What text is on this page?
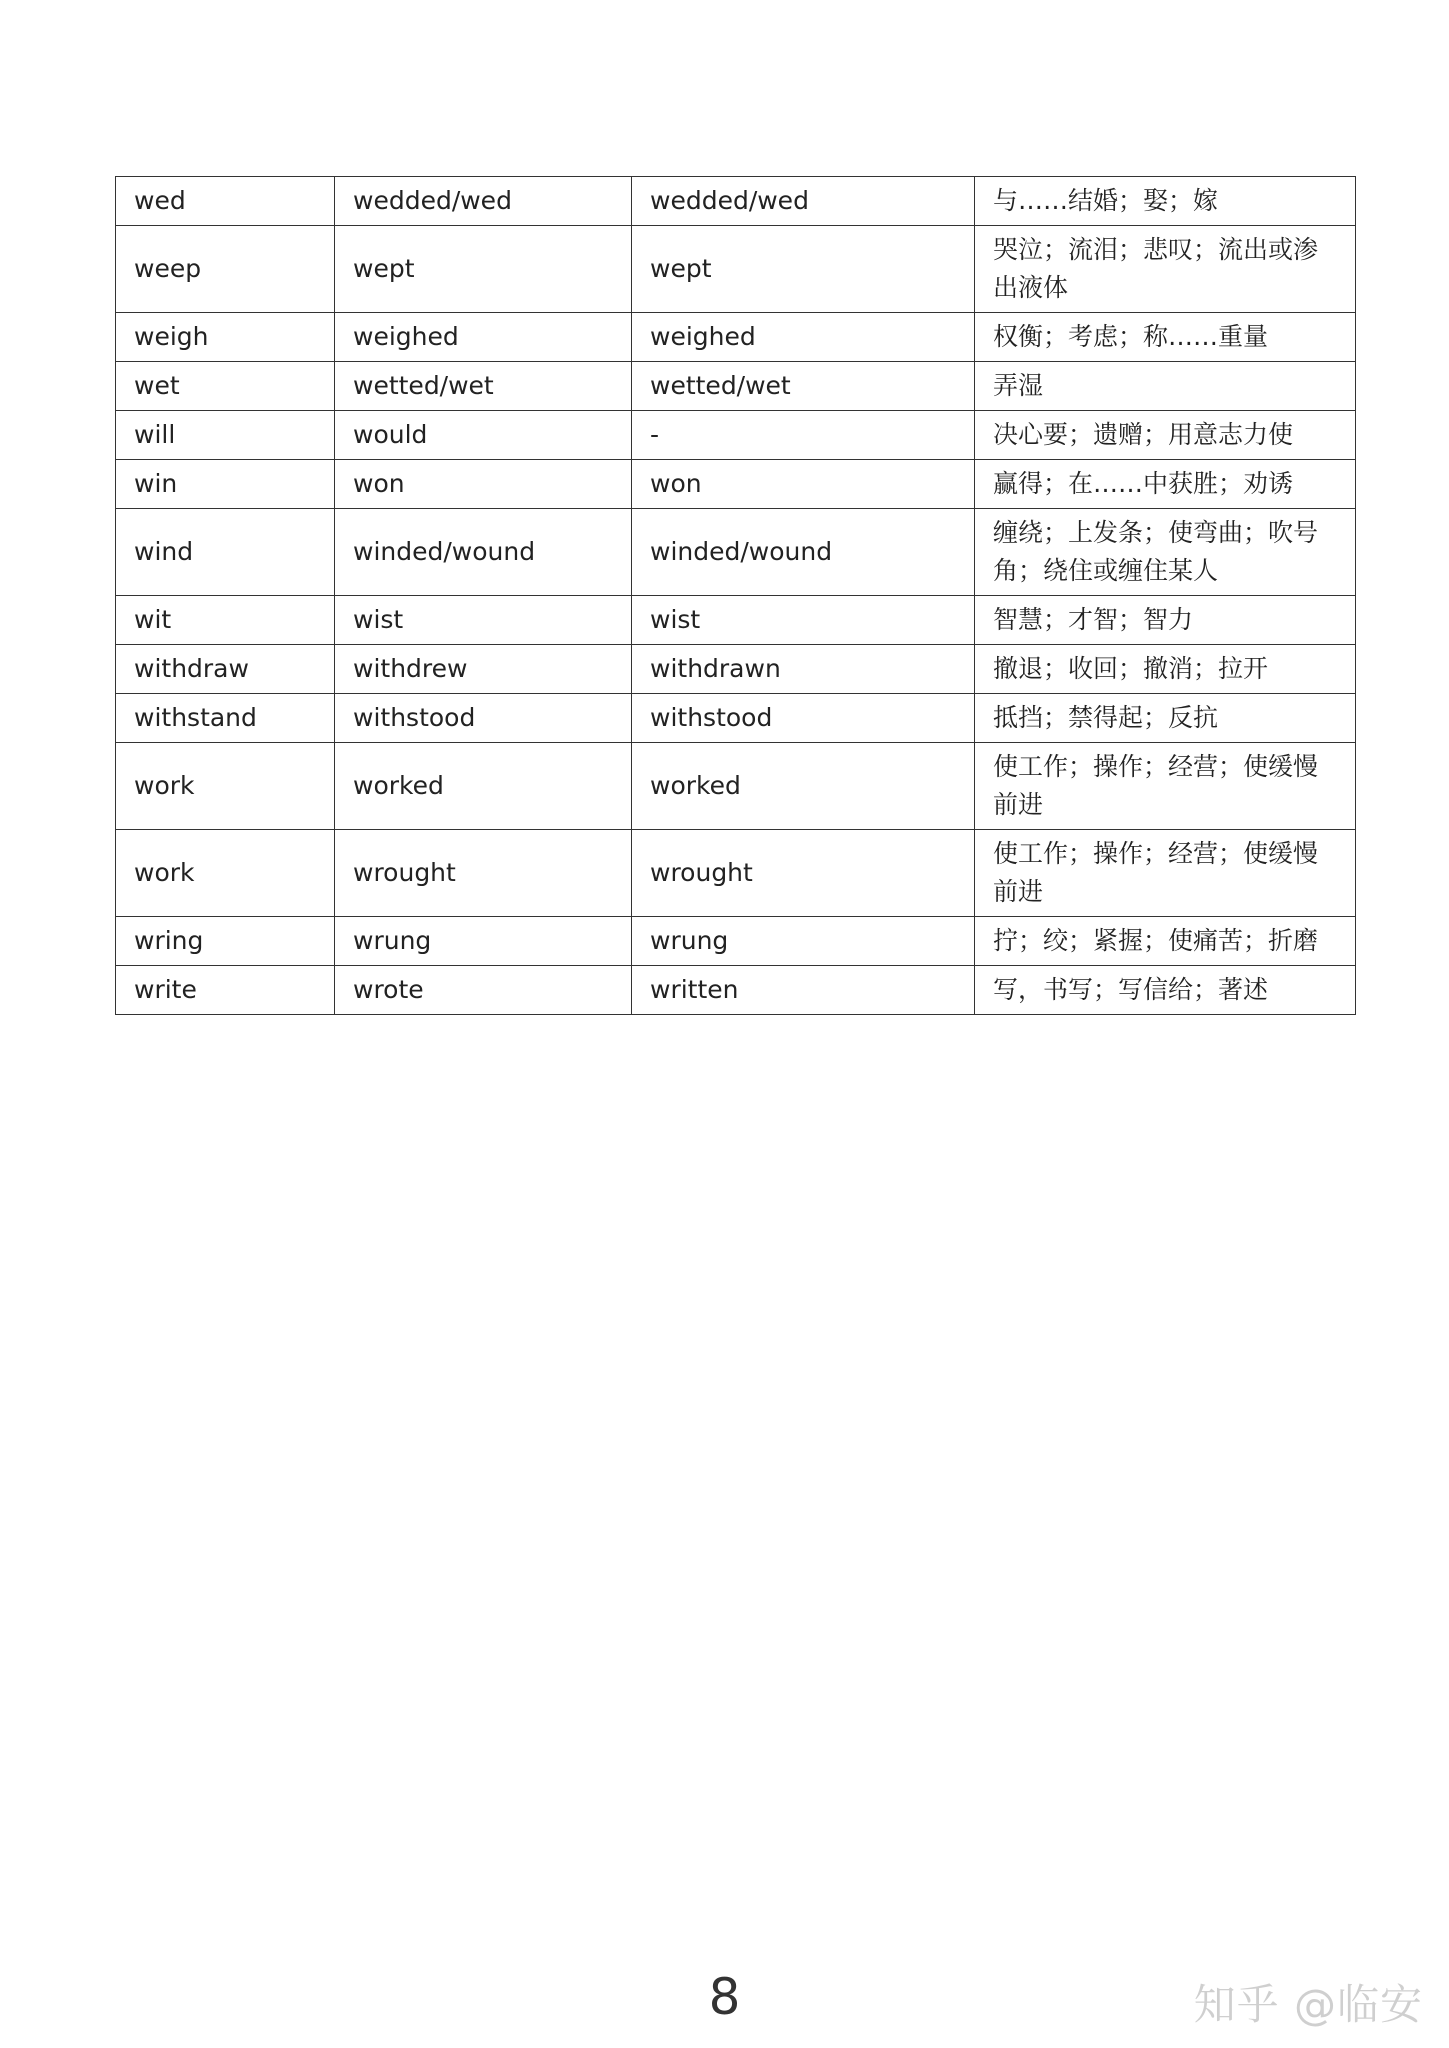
wed	wedded/wed	wedded/wed	与……结婚；娶；嫁
weep	wept	wept	哭泣；流泪；悲叹；流出或渗出液体
weigh	weighed	weighed	权衡；考虑；称……重量
wet	wetted/wet	wetted/wet	弄湿
will	would	-	决心要；遗赠；用意志力使
win	won	won	赢得；在……中获胜；劝诱
wind	winded/wound	winded/wound	缠绕；上发条；使弯曲；吹号角；绕住或缠住某人
wit	wist	wist	智慧；才智；智力
withdraw	withdrew	withdrawn	撤退；收回；撤消；拉开
withstand	withstood	withstood	抵挡；禁得起；反抗
work	worked	worked	使工作；操作；经营；使缓慢前进
work	wrought	wrought	使工作；操作；经营；使缓慢前进
wring	wrung	wrung	拧；绞；紧握；使痛苦；折磨
write	wrote	written	写，书写；写信给；著述
8	知乎 @临安
